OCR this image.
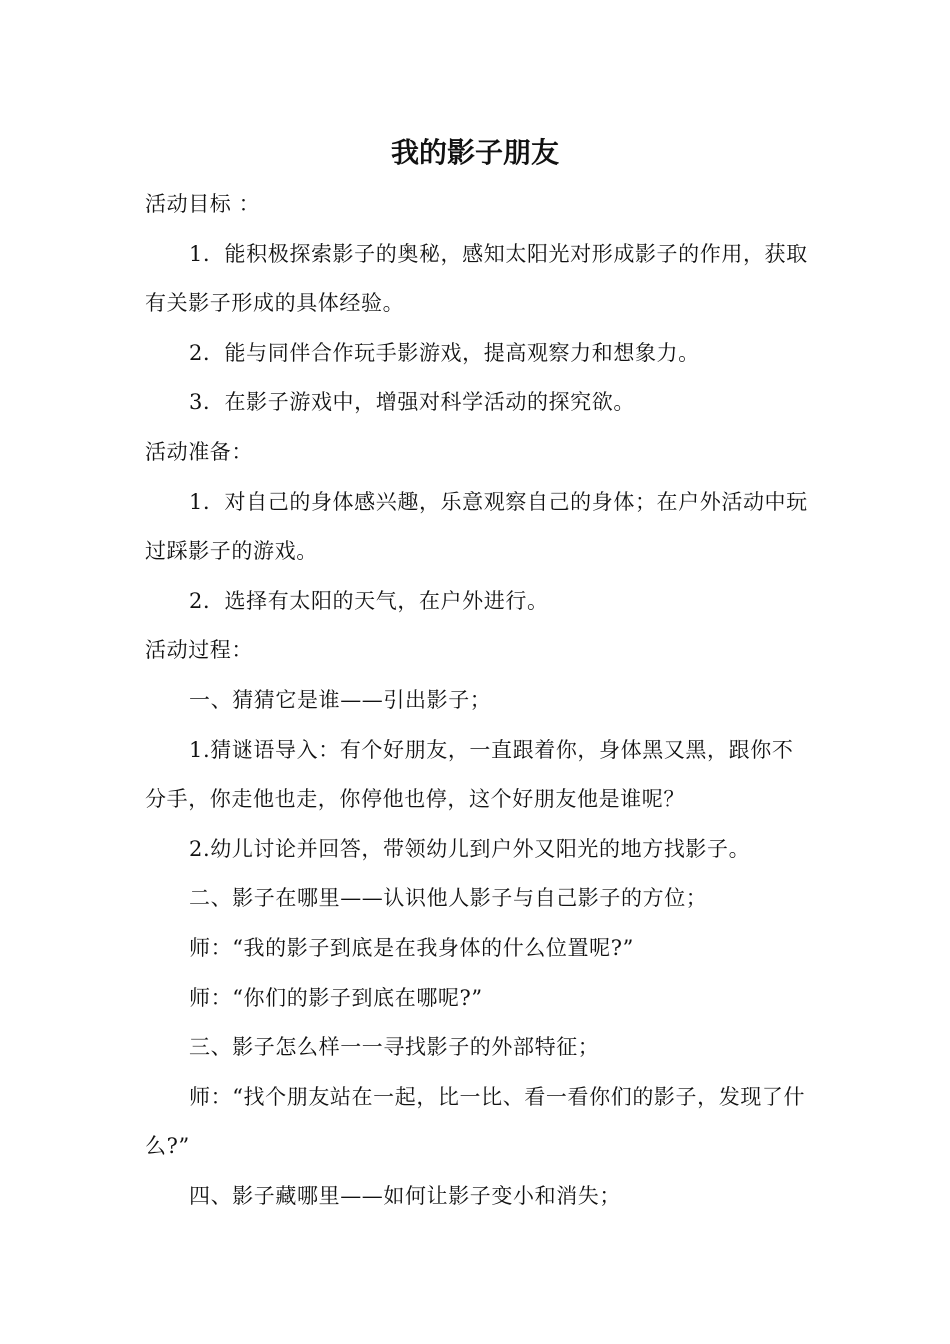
我的影子朋友

活动目标 ：

1．能积极探索影子的奥秘，感知太阳光对形成影子的作用，获取有关影子形成的具体经验。

2．能与同伴合作玩手影游戏，提高观察力和想象力。

3．在影子游戏中，增强对科学活动的探究欲。

活动准备：

1．对自己的身体感兴趣，乐意观察自己的身体；在户外活动中玩过踩影子的游戏。

2．选择有太阳的天气，在户外进行。

活动过程：

一、猜猜它是谁——引出影子；

1.猜谜语导入：有个好朋友，一直跟着你，身体黑又黑，跟你不分手，你走他也走，你停他也停，这个好朋友他是谁呢？

2.幼儿讨论并回答，带领幼儿到户外又阳光的地方找影子。

二、影子在哪里——认识他人影子与自己影子的方位；

师：“我的影子到底是在我身体的什么位置呢?”

师：“你们的影子到底在哪呢?”

三、影子怎么样一一寻找影子的外部特征；

师：“找个朋友站在一起，比一比、看一看你们的影子，发现了什么?”

四、影子藏哪里——如何让影子变小和消失；
